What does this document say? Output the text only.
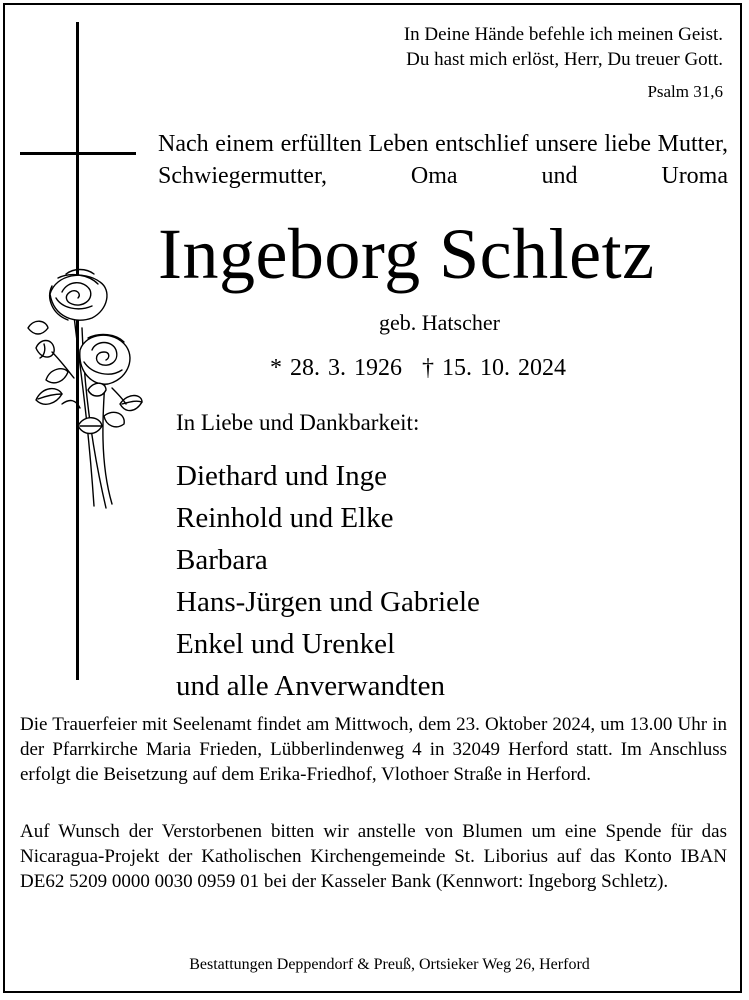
In Deine Hände befehle ich meinen Geist.
Du hast mich erlöst, Herr, Du treuer Gott.
Psalm 31,6
Nach einem erfüllten Leben entschlief unsere liebe Mutter, Schwiegermutter, Oma und Uroma
Ingeborg Schletz
geb. Hatscher
* 28. 3. 1926 † 15. 10. 2024
In Liebe und Dankbarkeit:
Diethard und Inge
Reinhold und Elke
Barbara
Hans-Jürgen und Gabriele
Enkel und Urenkel
und alle Anverwandten
Die Trauerfeier mit Seelenamt findet am Mittwoch, dem 23. Oktober 2024, um 13.00 Uhr in der Pfarrkirche Maria Frieden, Lübberlindenweg 4 in 32049 Herford statt. Im Anschluss erfolgt die Beisetzung auf dem Erika-Friedhof, Vlothoer Straße in Herford.
Auf Wunsch der Verstorbenen bitten wir anstelle von Blumen um eine Spende für das Nicaragua-Projekt der Katholischen Kirchengemeinde St. Liborius auf das Konto IBAN DE62 5209 0000 0030 0959 01 bei der Kasseler Bank (Kennwort: Ingeborg Schletz).
Bestattungen Deppendorf & Preuß, Ortsieker Weg 26, Herford
